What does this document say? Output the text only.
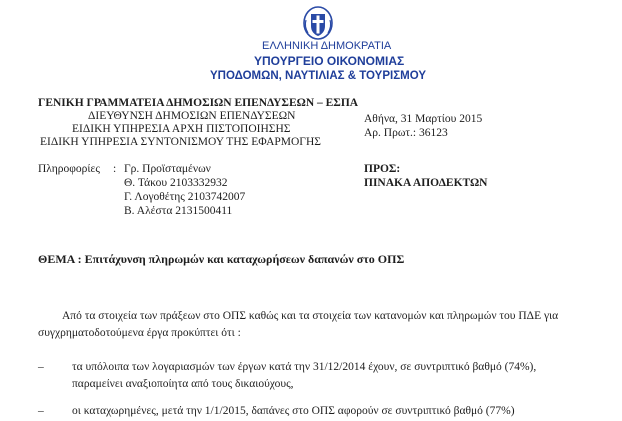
ΕΛΛΗΝΙΚΗ ΔΗΜΟΚΡΑΤΙΑ
ΥΠΟΥΡΓΕΙΟ ΟΙΚΟΝΟΜΙΑΣ
ΥΠΟΔΟΜΩΝ, ΝΑΥΤΙΛΙΑΣ & ΤΟΥΡΙΣΜΟΥ
ΓΕΝΙΚΗ ΓΡΑΜΜΑΤΕΙΑ ΔΗΜΟΣΙΩΝ ΕΠΕΝΔΥΣΕΩΝ – ΕΣΠΑ
ΔΙΕΥΘΥΝΣΗ ΔΗΜΟΣΙΩΝ ΕΠΕΝΔΥΣΕΩΝ
ΕΙΔΙΚΗ ΥΠΗΡΕΣΙΑ ΑΡΧΗ ΠΙΣΤΟΠΟΙΗΣΗΣ
ΕΙΔΙΚΗ ΥΠΗΡΕΣΙΑ ΣΥΝΤΟΝΙΣΜΟΥ ΤΗΣ ΕΦΑΡΜΟΓΗΣ
Αθήνα, 31 Μαρτίου 2015
Αρ. Πρωτ.: 36123
Πληροφορίες : Γρ. Προϊσταμένων
Θ. Τάκου 2103332932
Γ. Λογοθέτης 2103742007
Β. Αλέστα 2131500411
ΠΡΟΣ:
ΠΙΝΑΚΑ ΑΠΟΔΕΚΤΩΝ
ΘΕΜΑ : Επιτάχυνση πληρωμών και καταχωρήσεων δαπανών στο ΟΠΣ
Από τα στοιχεία των πράξεων στο ΟΠΣ καθώς και τα στοιχεία των κατανομών και πληρωμών του ΠΔΕ για
συγχρηματοδοτούμενα έργα προκύπτει ότι :
– τα υπόλοιπα των λογαριασμών των έργων κατά την 31/12/2014 έχουν, σε συντριπτικό βαθμό (74%),
παραμείνει αναξιοποίητα από τους δικαιούχους,
– οι καταχωρημένες, μετά την 1/1/2015, δαπάνες στο ΟΠΣ αφορούν σε συντριπτικό βαθμό (77%)
